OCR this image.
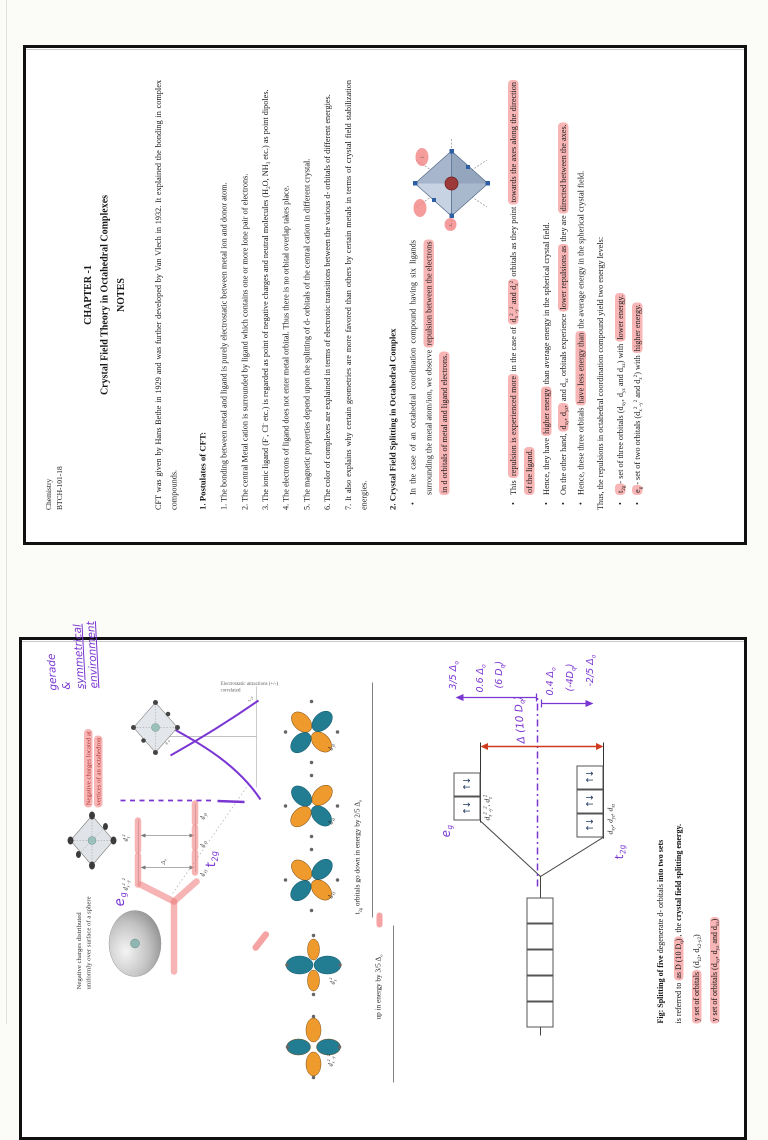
Chemistry BTCH-101-18
CHAPTER -1 Crystal Field Theory in Octahedral Complexes NOTES CFT was given by Hans Bethe in 1929 and was further developed by Van Vlech in 1932. It explained the bonding in complex compounds. 1. Postulates of CFT: 1. The bonding between metal and ligand is purely electrostatic between metal ion and donor atom. 2. The central Metal cation is surrounded by ligand which contains one or more lone pair of electrons. 3. The ionic ligand (F-, Cl- etc.) is regarded as point of negative charges and neutral molecules ($H_2O$, $NH_3$ etc.) as point dipoles.

4. The electrons of ligand does not enter metal orbital. Thus there is no orbital overlap takes place. 5. The magnetic properties depend upon the splitting of d- orbitals of the central cation in different crystal. 6. The color of complexes are explained in terms of electronic transitions between the various d- orbitals of different energies. 7. It also explains why certain geometries are more favored than others by certain metals in terms of crystal field stabilization energies. 2. Crystal Field Splitting in Octahedral Complex
• L
L
In the case of an octahedral coordination compound having six ligands surrounding the metal atom/ion, we observe repulsion between the electrons in d orbitals of metal and ligand electrons.	• This repulsion is experienced more in the case of $d_x^2_{-y}^2$ and $d_z^2$ orbitals as they point towards the axes along the direction of the ligand. • Hence, they have higher energy than average energy in the spherical crystal field.
• On the other hand, $d_{xy}$, $d_{yz}$, and $d_{xz}$ orbitals experience lower repulsions as they are directed between the axes.
• Hence, these three orbitals have less energy than the average energy in the spherical crystal field. Thus, the repulsions in octahedral coordination compound yield two energy levels: • $t_{2g}-$ set of three orbitals ($d_{xy}$, $d_{yz}$ and $d_{xz}$) with lower energy.
• $e_g-$ set of two orbitals ($d_x^2_{-y}^2$ and $d_z^2$) with higher energy.
gerade &
symmetrical
environment
Negative charges distributed uniformly over surface of a sphere
Negative charges located at vertices of an octahedron
$d_x^2_{-y}^2$
$d_z^2$
$\Delta_o$
$d_{xy}$
$d_{xz}$
$d_{yz}$
$e_g$
$t_{2g}$
$e_g$
$t_{2g}$
Electrostatic attractions (+/-) correlated
$d_x^2_{-y}^2$
$d_z^2$
$d_{xy}$
$d_{xz}$
$d_{yz}$
$t_{2g}$ orbitals go down in energy by 2/5 $\Delta_o$
up in energy by 3/5 $\Delta_o$
↑↓
↑↓
↑↓
↑↓
↑↓
$d_x^2_{-y}^2$, $d_z^2$
$d_{xy}$, $d_{yz}$, $d_{xz}$
$e_g$
$t_{2g}$
Δ (10 $D_q$)
3/5 $\Delta_o$
0.6 $\Delta_o$
(6 $D_q$)
0.4 $\Delta_o$
$(-4D_q)$ -2/5 $\Delta_o$
Fig: Splitting of five degenerate d- orbitals into two sets
is referred to as D (10 $D_q$), the crystal field splitting energy.
y set of orbitals ($d_{z2}$, $d_{x2-y2}$)
y set of orbitals ($d_{xy}$, $d_{yz}$ and $d_{xz}$)
